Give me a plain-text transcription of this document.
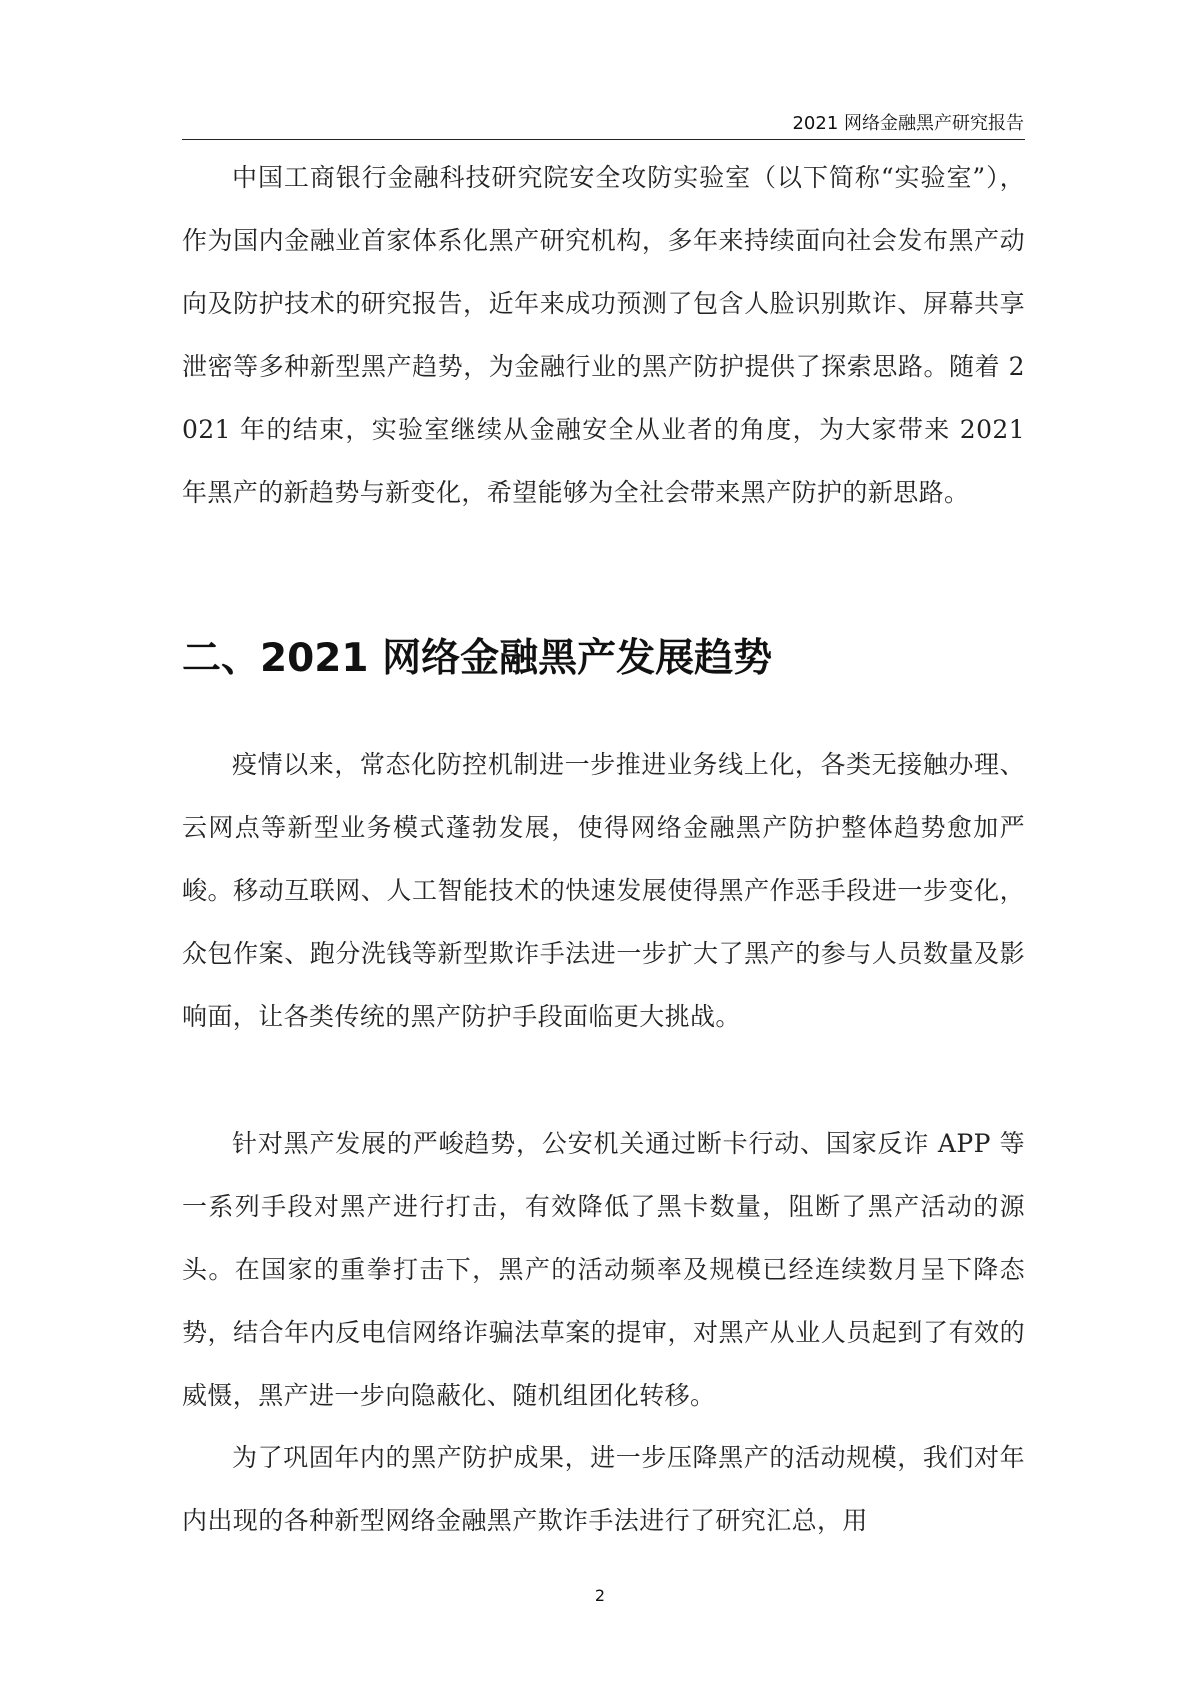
2021 网络金融黑产研究报告

中国工商银行金融科技研究院安全攻防实验室（以下简称“实验室”），作为国内金融业首家体系化黑产研究机构，多年来持续面向社会发布黑产动向及防护技术的研究报告，近年来成功预测了包含人脸识别欺诈、屏幕共享泄密等多种新型黑产趋势，为金融行业的黑产防护提供了探索思路。随着 2021 年的结束，实验室继续从金融安全从业者的角度，为大家带来 2021 年黑产的新趋势与新变化，希望能够为全社会带来黑产防护的新思路。

二、2021 网络金融黑产发展趋势

疫情以来，常态化防控机制进一步推进业务线上化，各类无接触办理、云网点等新型业务模式蓬勃发展，使得网络金融黑产防护整体趋势愈加严峻。移动互联网、人工智能技术的快速发展使得黑产作恶手段进一步变化，众包作案、跑分洗钱等新型欺诈手法进一步扩大了黑产的参与人员数量及影响面，让各类传统的黑产防护手段面临更大挑战。

针对黑产发展的严峻趋势，公安机关通过断卡行动、国家反诈 APP 等一系列手段对黑产进行打击，有效降低了黑卡数量，阻断了黑产活动的源头。在国家的重拳打击下，黑产的活动频率及规模已经连续数月呈下降态势，结合年内反电信网络诈骗法草案的提审，对黑产从业人员起到了有效的威慑，黑产进一步向隐蔽化、随机组团化转移。

为了巩固年内的黑产防护成果，进一步压降黑产的活动规模，我们对年内出现的各种新型网络金融黑产欺诈手法进行了研究汇总，用

2
